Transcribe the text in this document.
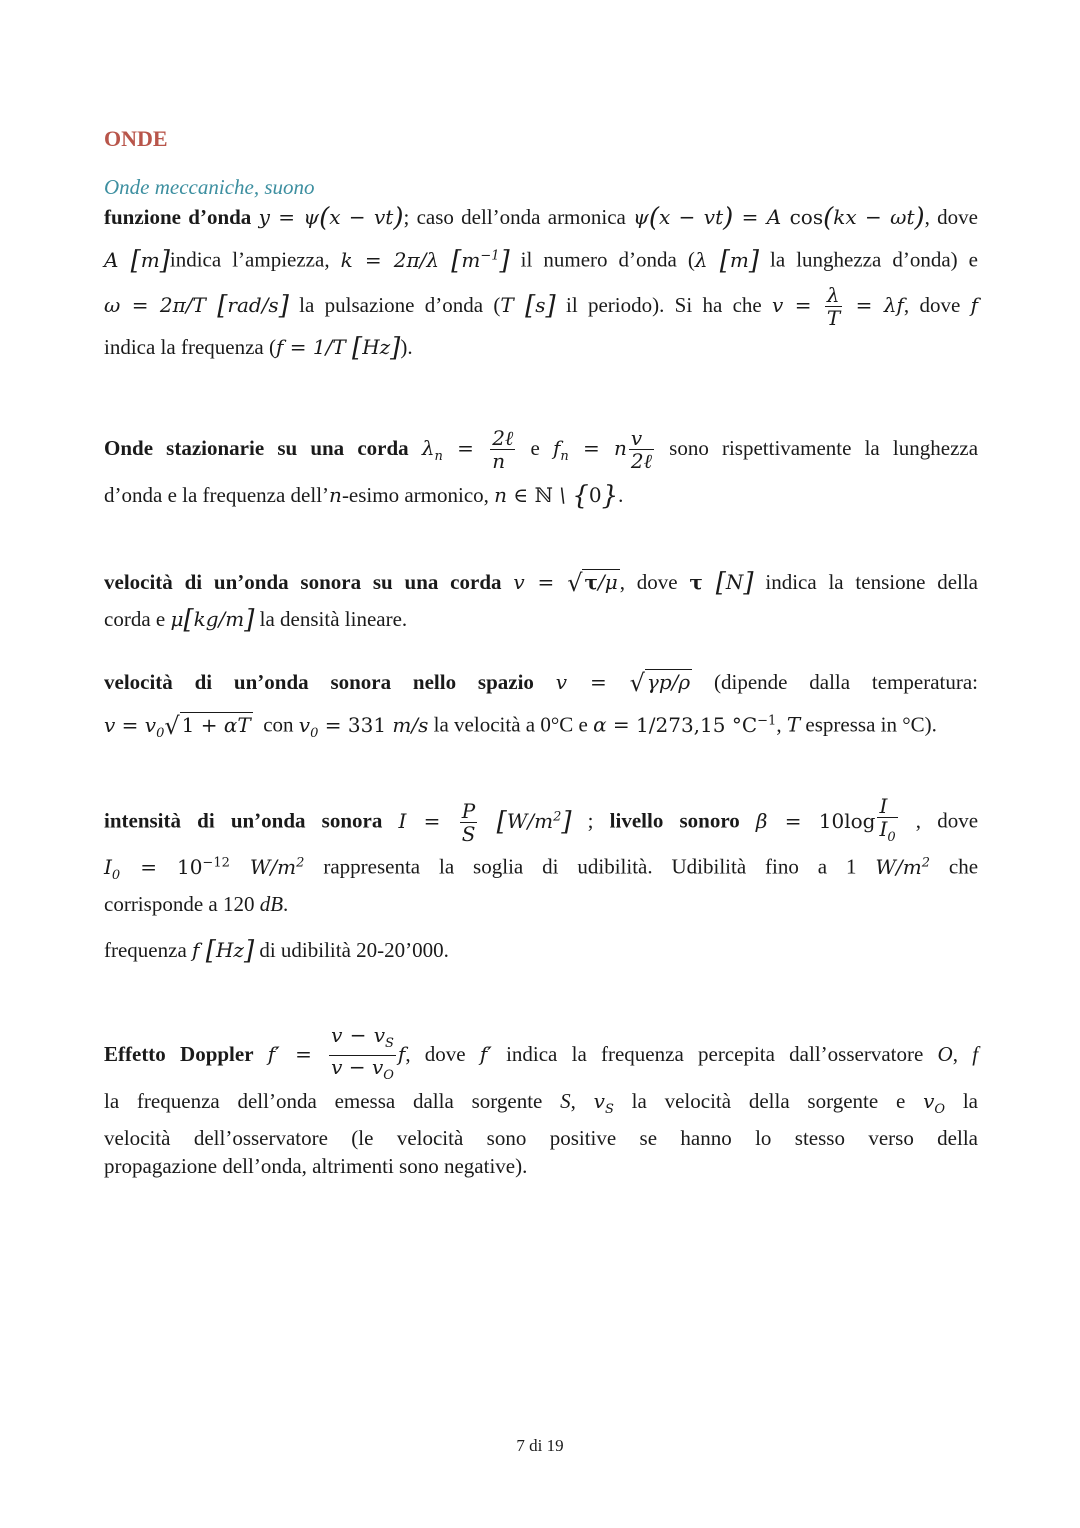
ONDE
Onde meccaniche, suono
funzione d’onda y = ψ(x − vt); caso dell’onda armonica ψ(x − vt) = A cos(kx − ωt), dove
A [m]indica l’ampiezza, k = 2π/λ $[m^{-1}]$ il numero d’onda (λ [m] la lunghezza d’onda) e
ω = 2π/T [rad/s] la pulsazione d’onda (T [s] il periodo). Si ha che $v = \frac{\lambda}{T} = \lambda f$, dove f
indica la frequenza (f = 1/T [Hz]).
Onde stazionarie su una corda $\lambda_n = \frac{\text{2ℓ}}{n}$ e $f_n = n \frac{v}{\text{2ℓ}}$ sono rispettivamente la lunghezza
d’onda e la frequenza dell’n-esimo armonico, n ∈ ℕ \ {0}.
velocità di un’onda sonora su una corda v = √ τ/μ, dove τ [N] indica la tensione della
corda e μ[kg/m] la densità lineare.
velocità di un’onda sonora nello spazio v = √ γp/ρ (dipende dalla temperatura:
$v = v_0√$ 1 + αT con $v_0 = 331$ m/s la velocità a 0°C e α = 1/273,15 $^\circ C^{-1}$, T espressa in °C).
intensità di un’onda sonora $I = \frac{P}{S} [W/m^2]$ ; livello sonoro $\beta = 10\log \frac{I}{I_0}$ , dove
$I_0 = 10^{-12}$ $W/m^2$ rappresenta la soglia di udibilità. Udibilità fino a 1 $W/m^2$ che
corrisponde a 120 dB.
frequenza f [Hz] di udibilità 20-20’000.
Effetto Doppler $f' = \frac{v - v_S}{v - v_O} f$, dove f′ indica la frequenza percepita dall’osservatore O, f
la frequenza dell’onda emessa dalla sorgente S, $v_S$ la velocità della sorgente e $v_O$ la
velocità dell’osservatore (le velocità sono positive se hanno lo stesso verso della
propagazione dell’onda, altrimenti sono negative).
7 di 19
